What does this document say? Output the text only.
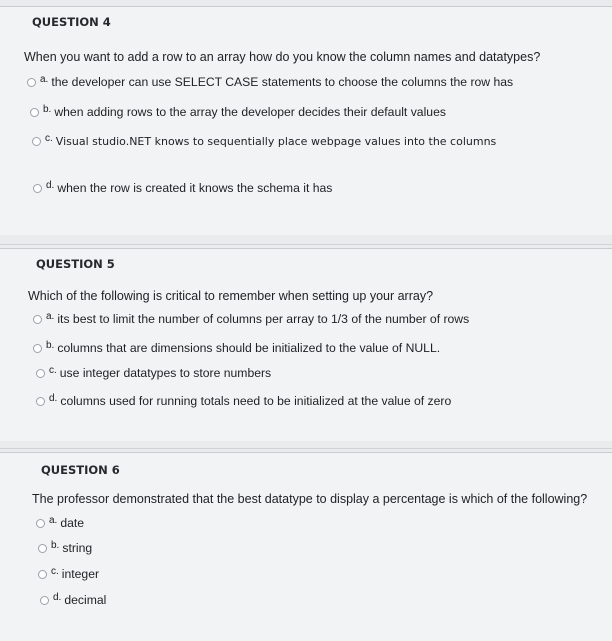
QUESTION 4
When you want to add a row to an array how do you know the column names and datatypes?
a. the developer can use SELECT CASE statements to choose the columns the row has
b. when adding rows to the array the developer decides their default values
c. Visual studio.NET knows to sequentially place webpage values into the columns
d. when the row is created it knows the schema it has
QUESTION 5
Which of the following is critical to remember when setting up your array?
a. its best to limit the number of columns per array to 1/3 of the number of rows
b. columns that are dimensions should be initialized to the value of NULL.
c. use integer datatypes to store numbers
d. columns used for running totals need to be initialized at the value of zero
QUESTION 6
The professor demonstrated that the best datatype to display a percentage is which of the following?
a. date
b. string
c. integer
d. decimal
